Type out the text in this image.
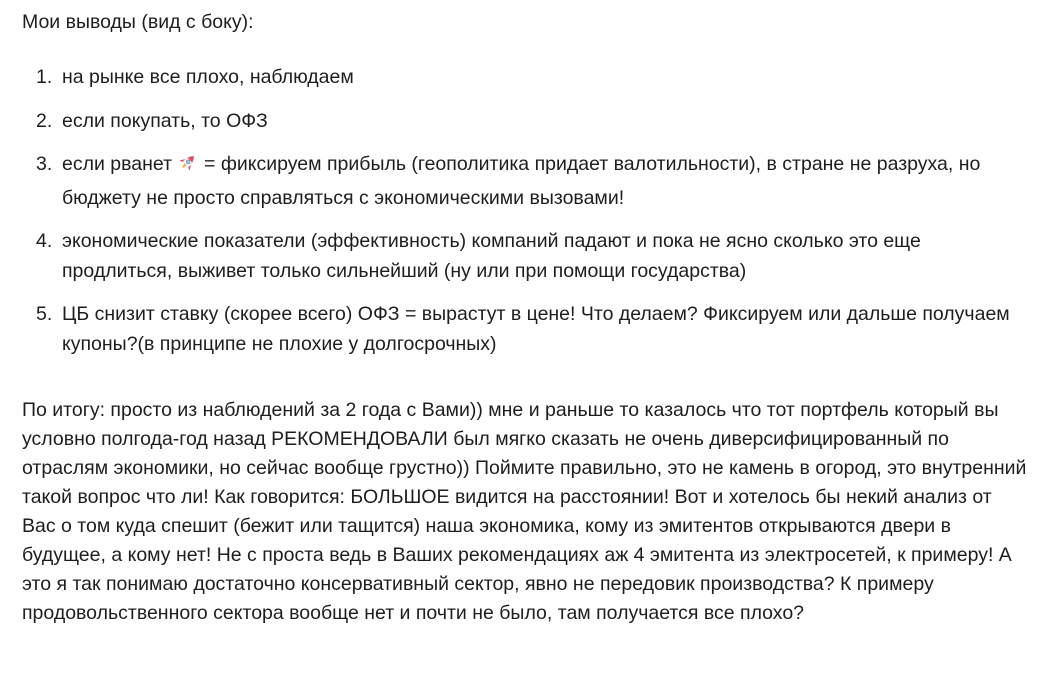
Мои выводы (вид с боку):

1. на рынке все плохо, наблюдаем
2. если покупать, то ОФЗ
3. если рванет = фиксируем прибыль (геополитика придает валотильности), в стране не разруха, но бюджету не просто справляться с экономическими вызовами!
4. экономические показатели (эффективность) компаний падают и пока не ясно сколько это еще продлиться, выживет только сильнейший (ну или при помощи государства)
5. ЦБ снизит ставку (скорее всего) ОФЗ = вырастут в цене! Что делаем? Фиксируем или дальше получаем купоны?(в принципе не плохие у долгосрочных)

По итогу: просто из наблюдений за 2 года с Вами)) мне и раньше то казалось что тот портфель который вы условно полгода-год назад РЕКОМЕНДОВАЛИ был мягко сказать не очень диверсифицированный по отраслям экономики, но сейчас вообще грустно)) Поймите правильно, это не камень в огород, это внутренний такой вопрос что ли! Как говорится: БОЛЬШОЕ видится на расстоянии! Вот и хотелось бы некий анализ от Вас о том куда спешит (бежит или тащится) наша экономика, кому из эмитентов открываются двери в будущее, а кому нет! Не с проста ведь в Ваших рекомендациях аж 4 эмитента из электросетей, к примеру! А это я так понимаю достаточно консервативный сектор, явно не передовик производства? К примеру продовольственного сектора вообще нет и почти не было, там получается все плохо?
